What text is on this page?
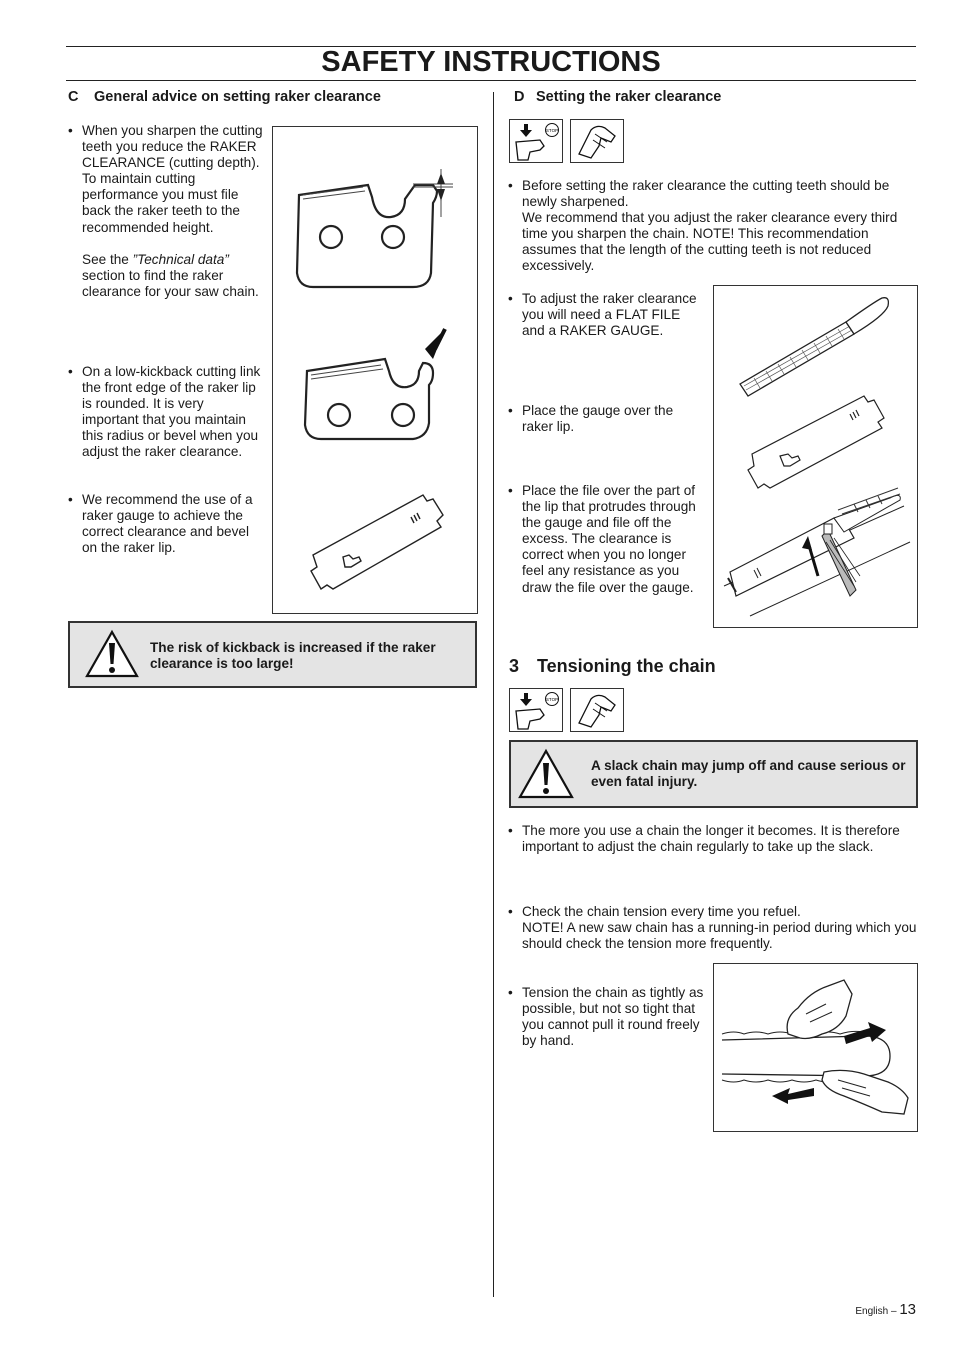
SAFETY INSTRUCTIONS
C General advice on setting raker clearance
• When you sharpen the cutting teeth you reduce the RAKER CLEARANCE (cutting depth). To maintain cutting performance you must file back the raker teeth to the recommended height.

See the ”Technical data” section to find the raker clearance for your saw chain.

• On a low-kickback cutting link the front edge of the raker lip is rounded. It is very important that you maintain this radius or bevel when you adjust the raker clearance.

• We recommend the use of a raker gauge to achieve the correct clearance and bevel on the raker lip.

The risk of kickback is increased if the raker clearance is too large!
D Setting the raker clearance
STOP
• Before setting the raker clearance the cutting teeth should be newly sharpened.

We recommend that you adjust the raker clearance every third time you sharpen the chain. NOTE! This recommendation assumes that the length of the cutting teeth is not reduced excessively.

• To adjust the raker clearance you will need a FLAT FILE and a RAKER GAUGE.

• Place the gauge over the raker lip.

• Place the file over the part of the lip that protrudes through the gauge and file off the excess. The clearance is correct when you no longer feel any resistance as you draw the file over the gauge.

3 Tensioning the chain
STOP
A slack chain may jump off and cause serious or even fatal injury.
• The more you use a chain the longer it becomes. It is therefore important to adjust the chain regularly to take up the slack.

• Check the chain tension every time you refuel.

NOTE! A new saw chain has a running-in period during which you should check the tension more frequently.

• Tension the chain as tightly as possible, but not so tight that you cannot pull it round freely by hand.

English – 13
